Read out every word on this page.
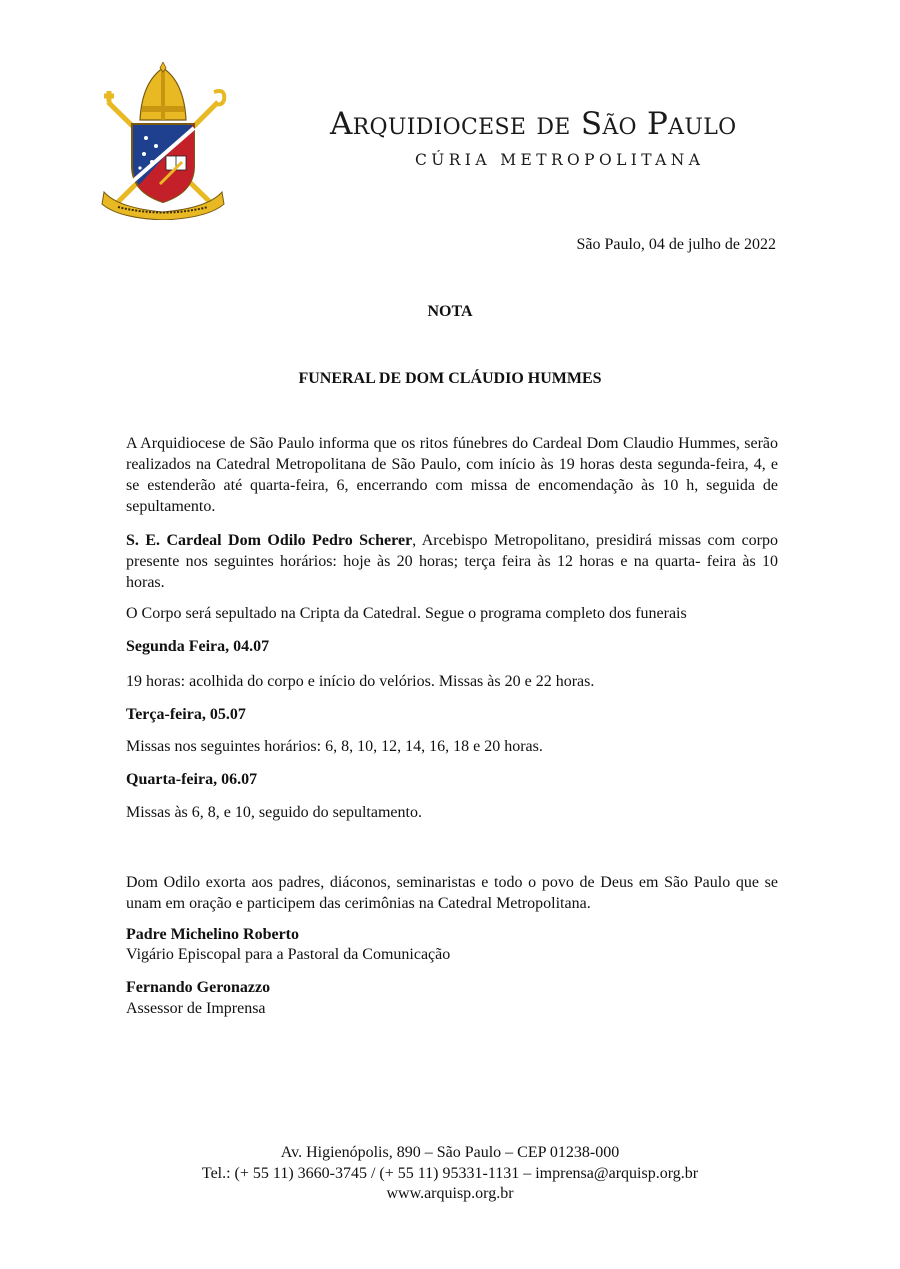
Arquidiocese de São Paulo
CÚRIA METROPOLITANA
São Paulo, 04 de julho de 2022
NOTA
FUNERAL DE DOM CLÁUDIO HUMMES

A Arquidiocese de São Paulo informa que os ritos fúnebres do Cardeal Dom Claudio Hummes, serão realizados na Catedral Metropolitana de São Paulo, com início às 19 horas desta segunda-feira, 4, e se estenderão até quarta-feira, 6, encerrando com missa de encomendação às 10 h, seguida de sepultamento.

S. E. Cardeal Dom Odilo Pedro Scherer, Arcebispo Metropolitano, presidirá missas com corpo presente nos seguintes horários: hoje às 20 horas; terça feira às 12 horas e na quarta- feira às 10 horas.

O Corpo será sepultado na Cripta da Catedral. Segue o programa completo dos funerais
Segunda Feira, 04.07
19 horas: acolhida do corpo e início do velórios. Missas às 20 e 22 horas.
Terça-feira, 05.07
Missas nos seguintes horários: 6, 8, 10, 12, 14, 16, 18 e 20 horas.
Quarta-feira, 06.07
Missas às 6, 8, e 10, seguido do sepultamento.

Dom Odilo exorta aos padres, diáconos, seminaristas e todo o povo de Deus em São Paulo que se unam em oração e participem das cerimônias na Catedral Metropolitana.

Padre Michelino Roberto
Vigário Episcopal para a Pastoral da Comunicação
Fernando Geronazzo
Assessor de Imprensa
Av. Higienópolis, 890 – São Paulo – CEP 01238-000
Tel.: (+ 55 11) 3660-3745 / (+ 55 11) 95331-1131 – imprensa@arquisp.org.br
www.arquisp.org.br
